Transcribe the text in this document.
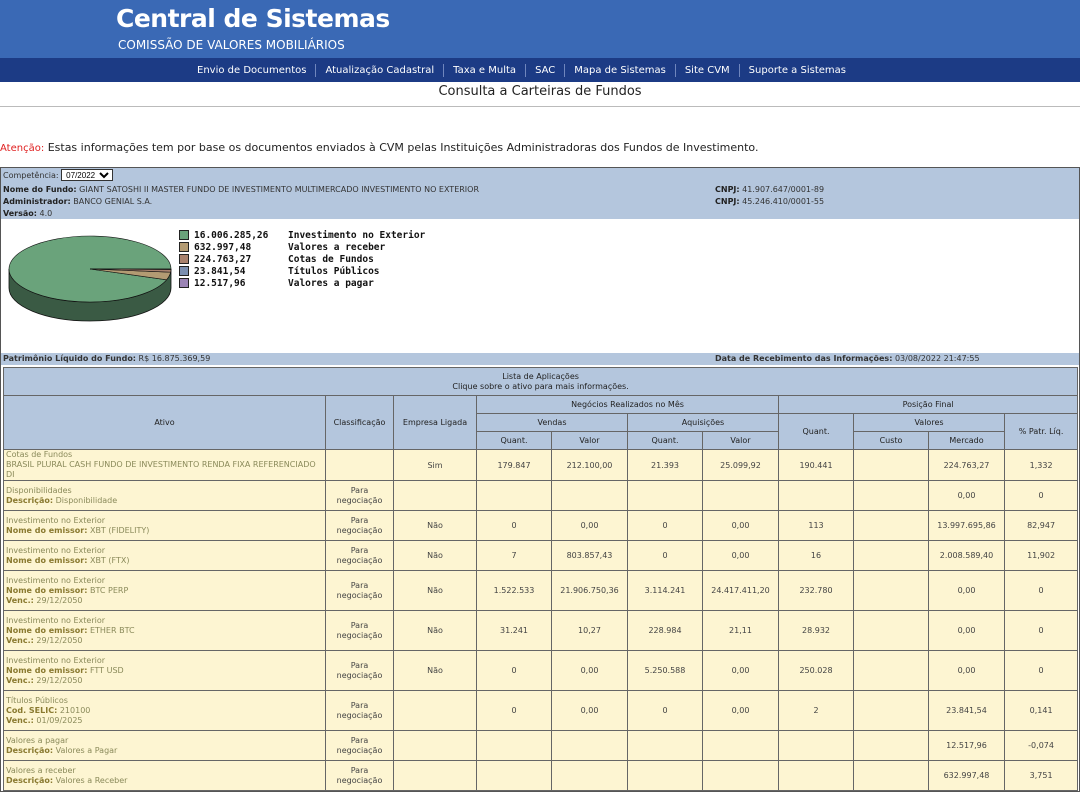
Central de Sistemas
COMISSÃO DE VALORES MOBILIÁRIOS
Envio de Documentos	Atualização Cadastral	Taxa e Multa	SAC	Mapa de Sistemas	Site CVM	Suporte a Sistemas
Consulta a Carteiras de Fundos
Atenção: Estas informações tem por base os documentos enviados à CVM pelas Instituições Administradoras dos Fundos de Investimento.
Competência:
07/2022
Nome do Fundo: GIANT SATOSHI II MASTER FUNDO DE INVESTIMENTO MULTIMERCADO INVESTIMENTO NO EXTERIOR
Administrador: BANCO GENIAL S.A.
Versão: 4.0
CNPJ: 41.907.647/0001-89
CNPJ: 45.246.410/0001-55
16.006.285,26	Investimento no Exterior
632.997,48	Valores a receber
224.763,27	Cotas de Fundos
23.841,54	Títulos Públicos
12.517,96	Valores a pagar
Patrimônio Líquido do Fundo: R$ 16.875.369,59	Data de Recebimento das Informações: 03/08/2022 21:47:55
Lista de Aplicações
Clique sobre o ativo para mais informações.										
Ativo	Classificação	Empresa Ligada	Negócios Realizados no Mês				Posição Final			
			Vendas		Aquisições		Quant.	Valores		% Patr. Líq.
			Quant.	Valor	Quant.	Valor		Custo	Mercado	
Cotas de Fundos
BRASIL PLURAL CASH FUNDO DE INVESTIMENTO RENDA FIXA REFERENCIADO DI		Sim	179.847	212.100,00	21.393	25.099,92	190.441		224.763,27	1,332
Disponibilidades
Descrição: Disponibilidade	Para
negociação								0,00	0
Investimento no Exterior
Nome do emissor: XBT (FIDELITY)	Para
negociação	Não	0	0,00	0	0,00	113		13.997.695,86	82,947
Investimento no Exterior
Nome do emissor: XBT (FTX)	Para
negociação	Não	7	803.857,43	0	0,00	16		2.008.589,40	11,902
Investimento no Exterior
Nome do emissor: BTC PERP
Venc.: 29/12/2050	Para
negociação	Não	1.522.533	21.906.750,36	3.114.241	24.417.411,20	232.780		0,00	0
Investimento no Exterior
Nome do emissor: ETHER BTC
Venc.: 29/12/2050	Para
negociação	Não	31.241	10,27	228.984	21,11	28.932		0,00	0
Investimento no Exterior
Nome do emissor: FTT USD
Venc.: 29/12/2050	Para
negociação	Não	0	0,00	5.250.588	0,00	250.028		0,00	0
Títulos Públicos
Cod. SELIC: 210100
Venc.: 01/09/2025	Para
negociação		0	0,00	0	0,00	2		23.841,54	0,141
Valores a pagar
Descrição: Valores a Pagar	Para
negociação								12.517,96	-0,074
Valores a receber
Descrição: Valores a Receber	Para
negociação								632.997,48	3,751
